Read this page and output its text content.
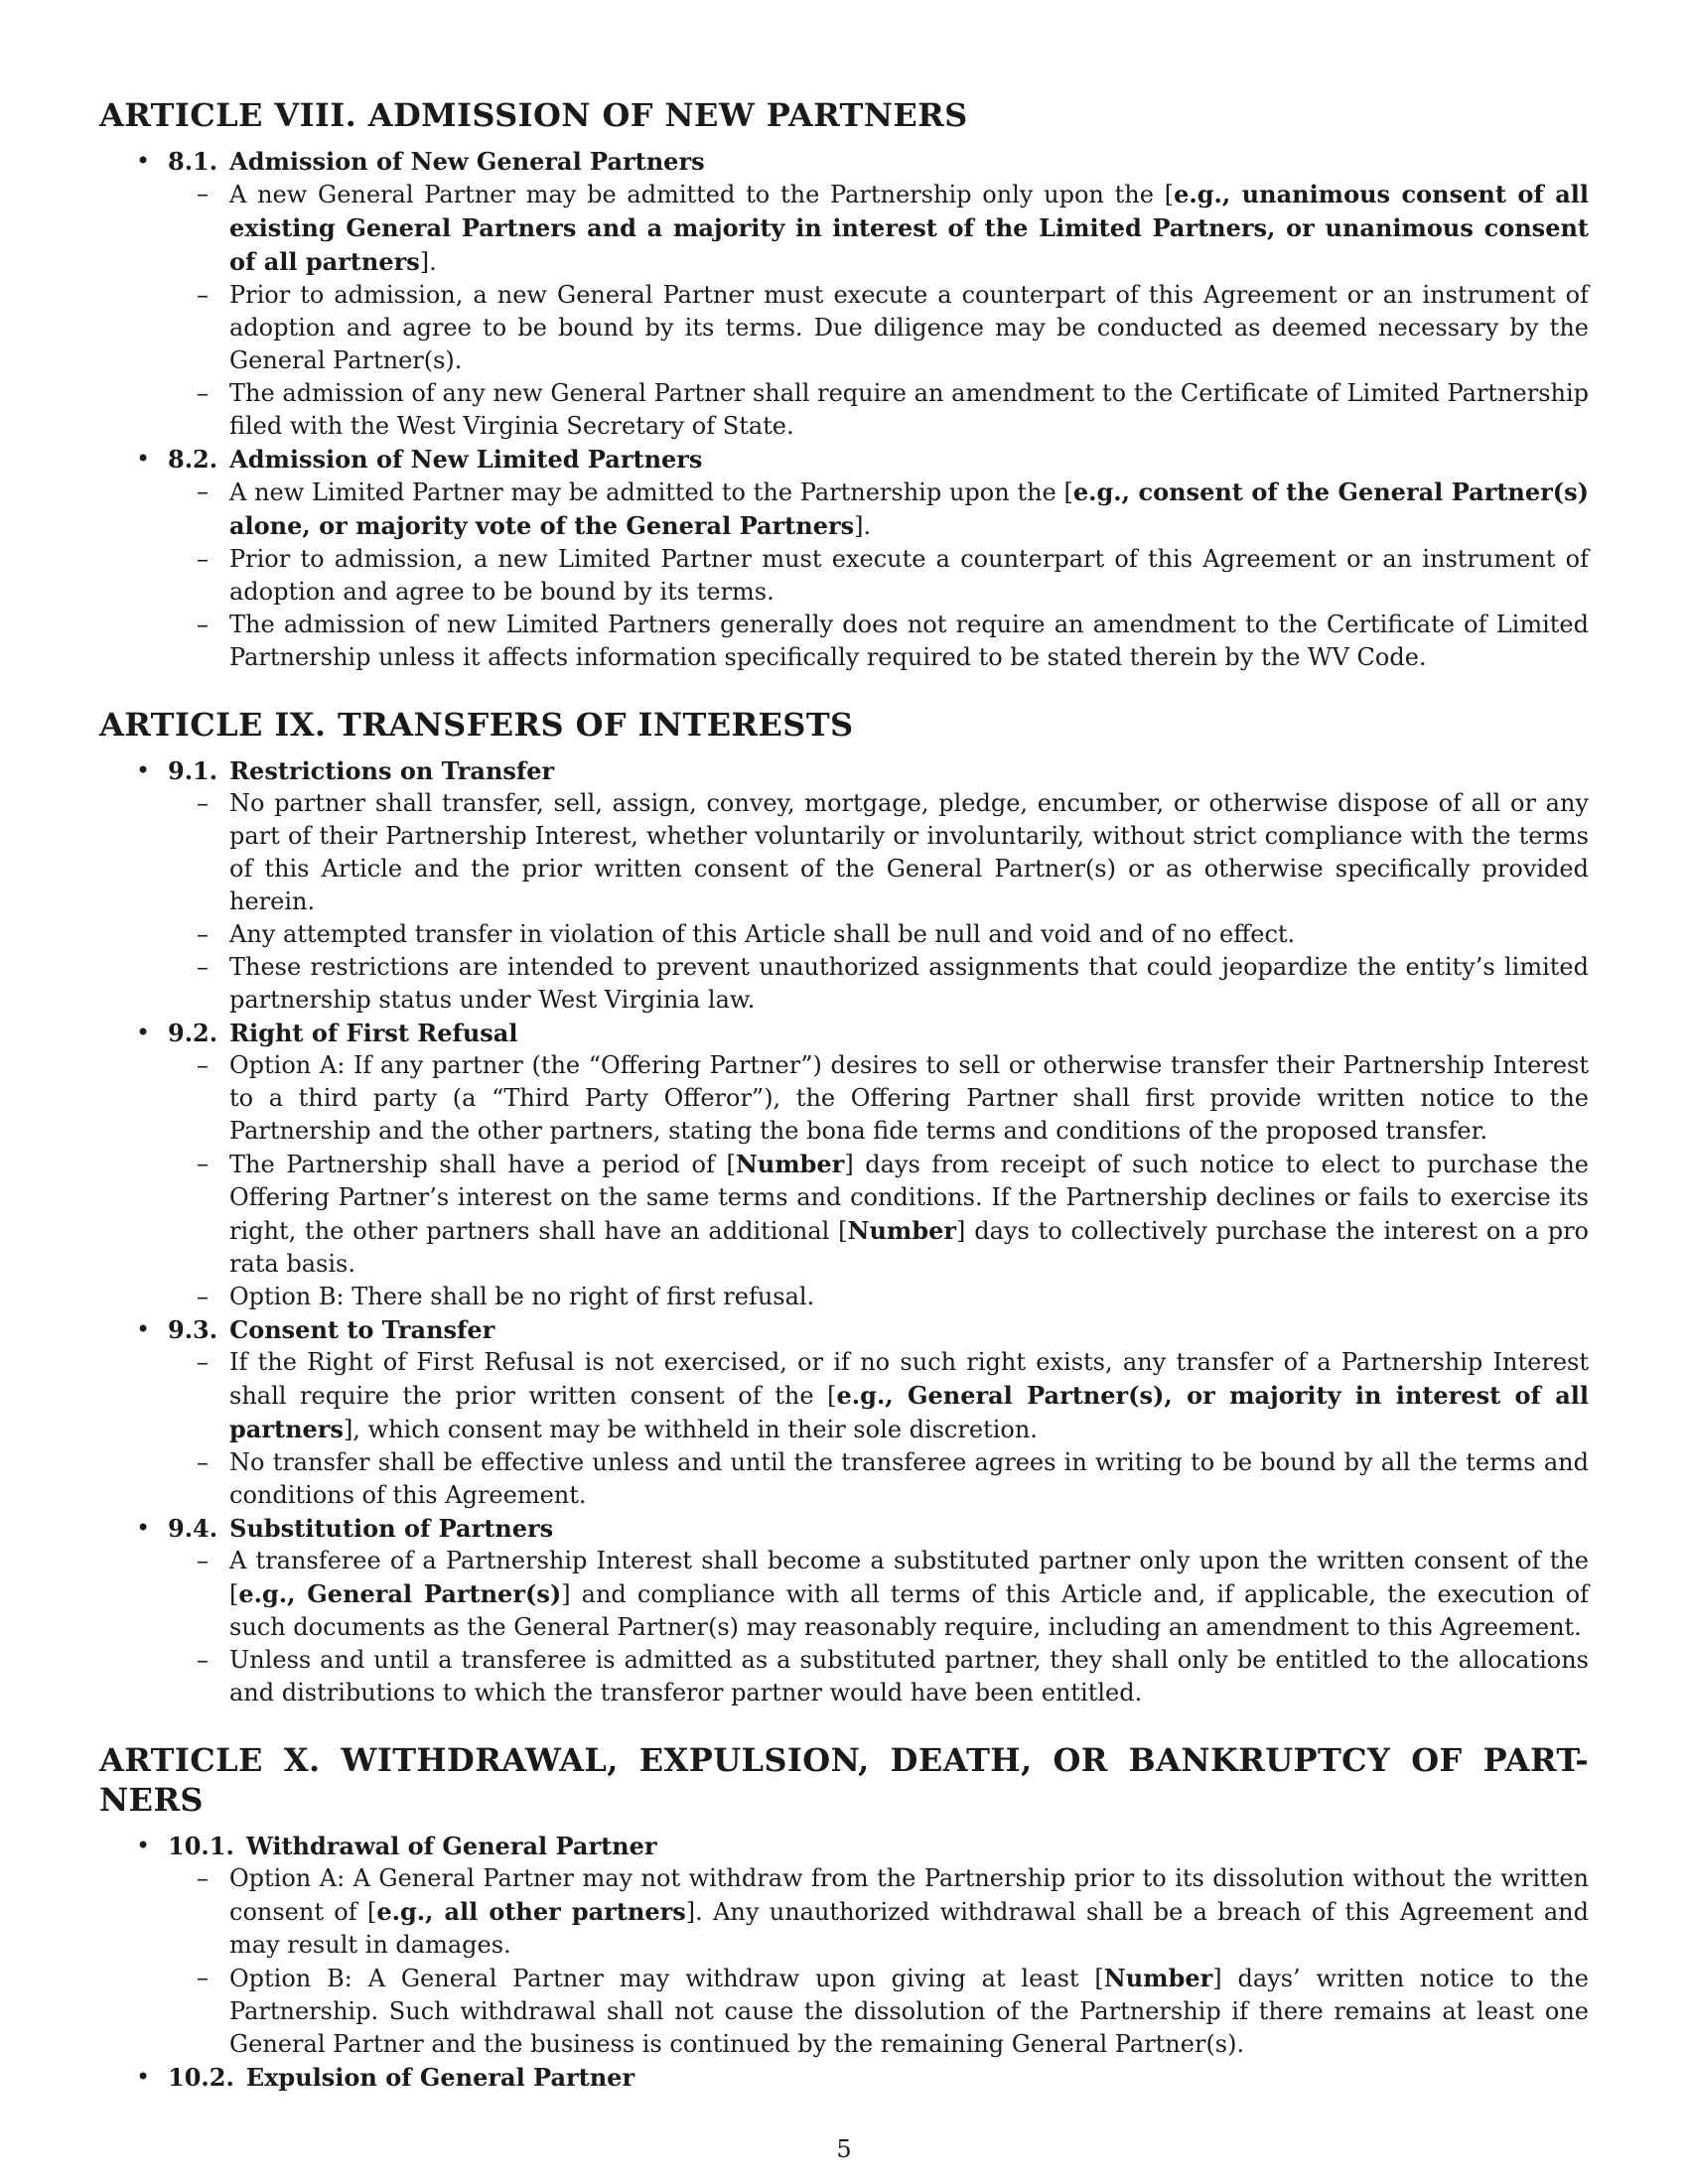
ARTICLE VIII. ADMISSION OF NEW PARTNERS
• 8.1. Admission of New General Partners
– A new General Partner may be admitted to the Partnership only upon the [e.g., unanimous consent of all existing General Partners and a majority in interest of the Limited Partners, or unanimous consent of all partners].
– Prior to admission, a new General Partner must execute a counterpart of this Agreement or an instrument of adoption and agree to be bound by its terms. Due diligence may be conducted as deemed necessary by the General Partner(s).
– The admission of any new General Partner shall require an amendment to the Certificate of Limited Partnership filed with the West Virginia Secretary of State.
• 8.2. Admission of New Limited Partners
– A new Limited Partner may be admitted to the Partnership upon the [e.g., consent of the General Partner(s) alone, or majority vote of the General Partners].
– Prior to admission, a new Limited Partner must execute a counterpart of this Agreement or an instrument of adoption and agree to be bound by its terms.
– The admission of new Limited Partners generally does not require an amendment to the Certificate of Limited Partnership unless it affects information specifically required to be stated therein by the WV Code.
ARTICLE IX. TRANSFERS OF INTERESTS
• 9.1. Restrictions on Transfer
– No partner shall transfer, sell, assign, convey, mortgage, pledge, encumber, or otherwise dispose of all or any part of their Partnership Interest, whether voluntarily or involuntarily, without strict compliance with the terms of this Article and the prior written consent of the General Partner(s) or as otherwise specifically provided herein.
– Any attempted transfer in violation of this Article shall be null and void and of no effect.
– These restrictions are intended to prevent unauthorized assignments that could jeopardize the entity’s limited partnership status under West Virginia law.
• 9.2. Right of First Refusal
– Option A: If any partner (the “Offering Partner”) desires to sell or otherwise transfer their Partnership Interest to a third party (a “Third Party Offeror”), the Offering Partner shall first provide written notice to the Partnership and the other partners, stating the bona fide terms and conditions of the proposed transfer.
– The Partnership shall have a period of [Number] days from receipt of such notice to elect to purchase the Offering Partner’s interest on the same terms and conditions. If the Partnership declines or fails to exercise its right, the other partners shall have an additional [Number] days to collectively purchase the interest on a pro rata basis.
– Option B: There shall be no right of first refusal.
• 9.3. Consent to Transfer
– If the Right of First Refusal is not exercised, or if no such right exists, any transfer of a Partnership Interest shall require the prior written consent of the [e.g., General Partner(s), or majority in interest of all partners], which consent may be withheld in their sole discretion.
– No transfer shall be effective unless and until the transferee agrees in writing to be bound by all the terms and conditions of this Agreement.
• 9.4. Substitution of Partners
– A transferee of a Partnership Interest shall become a substituted partner only upon the written consent of the [e.g., General Partner(s)] and compliance with all terms of this Article and, if applicable, the execution of such documents as the General Partner(s) may reasonably require, including an amendment to this Agreement.
– Unless and until a transferee is admitted as a substituted partner, they shall only be entitled to the allocations and distributions to which the transferor partner would have been entitled.
ARTICLE X. WITHDRAWAL, EXPULSION, DEATH, OR BANKRUPTCY OF PART-NERS
• 10.1. Withdrawal of General Partner
– Option A: A General Partner may not withdraw from the Partnership prior to its dissolution without the written consent of [e.g., all other partners]. Any unauthorized withdrawal shall be a breach of this Agreement and may result in damages.
– Option B: A General Partner may withdraw upon giving at least [Number] days’ written notice to the Partnership. Such withdrawal shall not cause the dissolution of the Partnership if there remains at least one General Partner and the business is continued by the remaining General Partner(s).
• 10.2. Expulsion of General Partner
5
